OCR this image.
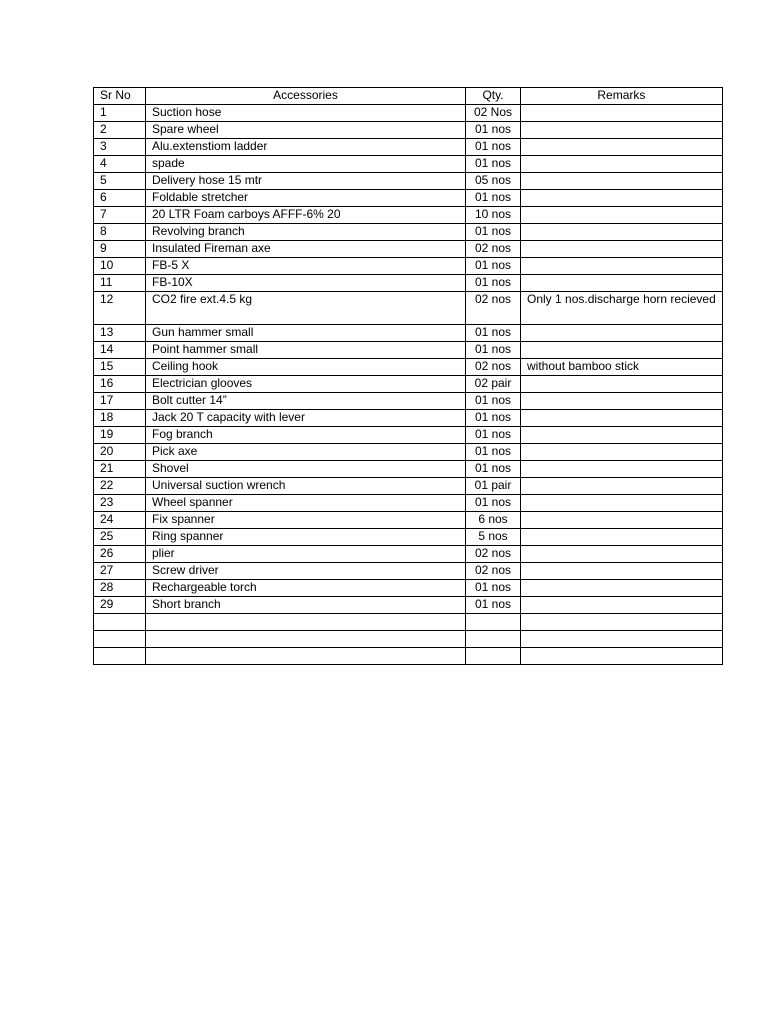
Sr No	Accessories	Qty.	Remarks
1	Suction hose	02 Nos	
2	Spare wheel	01 nos	
3	Alu.extenstiom ladder	01 nos	
4	spade	01 nos	
5	Delivery hose 15 mtr	05 nos	
6	Foldable stretcher	01 nos	
7	20 LTR Foam carboys AFFF-6% 20	10 nos	
8	Revolving branch	01 nos	
9	Insulated Fireman axe	02 nos	
10	FB-5 X	01 nos	
11	FB-10X	01 nos	
12	CO2 fire ext.4.5 kg	02 nos	Only 1 nos.discharge horn recieved
13	Gun hammer small	01 nos	
14	Point hammer small	01 nos	
15	Ceiling hook	02 nos	without bamboo stick
16	Electrician glooves	02 pair	
17	Bolt cutter 14”	01 nos	
18	Jack 20 T capacity with lever	01 nos	
19	Fog branch	01 nos	
20	Pick axe	01 nos	
21	Shovel	01 nos	
22	Universal suction wrench	01 pair	
23	Wheel spanner	01 nos	
24	Fix spanner	6 nos	
25	Ring spanner	5 nos	
26	plier	02 nos	
27	Screw driver	02 nos	
28	Rechargeable torch	01 nos	
29	Short branch	01 nos	
